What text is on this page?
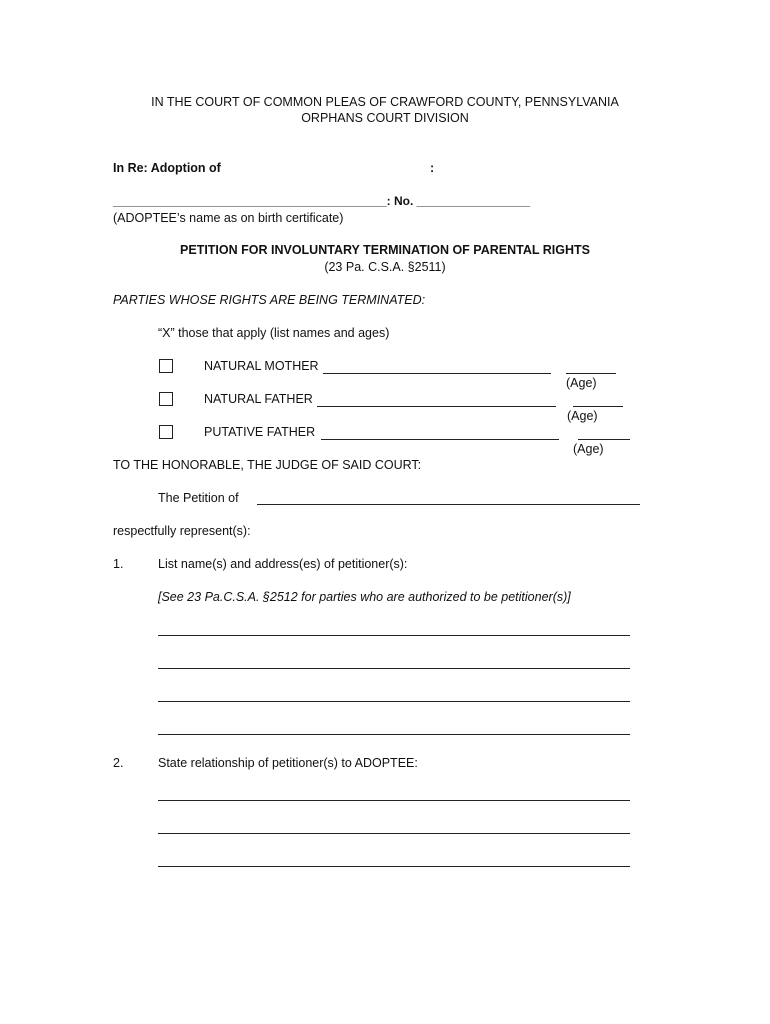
IN THE COURT OF COMMON PLEAS OF CRAWFORD COUNTY, PENNSYLVANIA
ORPHANS COURT DIVISION
In Re: Adoption of	:
_________________________________________: No. _________________
(ADOPTEE’s name as on birth certificate)
PETITION FOR INVOLUNTARY TERMINATION OF PARENTAL RIGHTS
(23 Pa. C.S.A. §2511)
PARTIES WHOSE RIGHTS ARE BEING TERMINATED:
“X” those that apply (list names and ages)
NATURAL MOTHER
(Age)
NATURAL FATHER
(Age)
PUTATIVE FATHER
(Age)
TO THE HONORABLE, THE JUDGE OF SAID COURT:
The Petition of
respectfully represent(s):
1.	List name(s) and address(es) of petitioner(s):
[See 23 Pa.C.S.A. §2512 for parties who are authorized to be petitioner(s)]
2.	State relationship of petitioner(s) to ADOPTEE:
